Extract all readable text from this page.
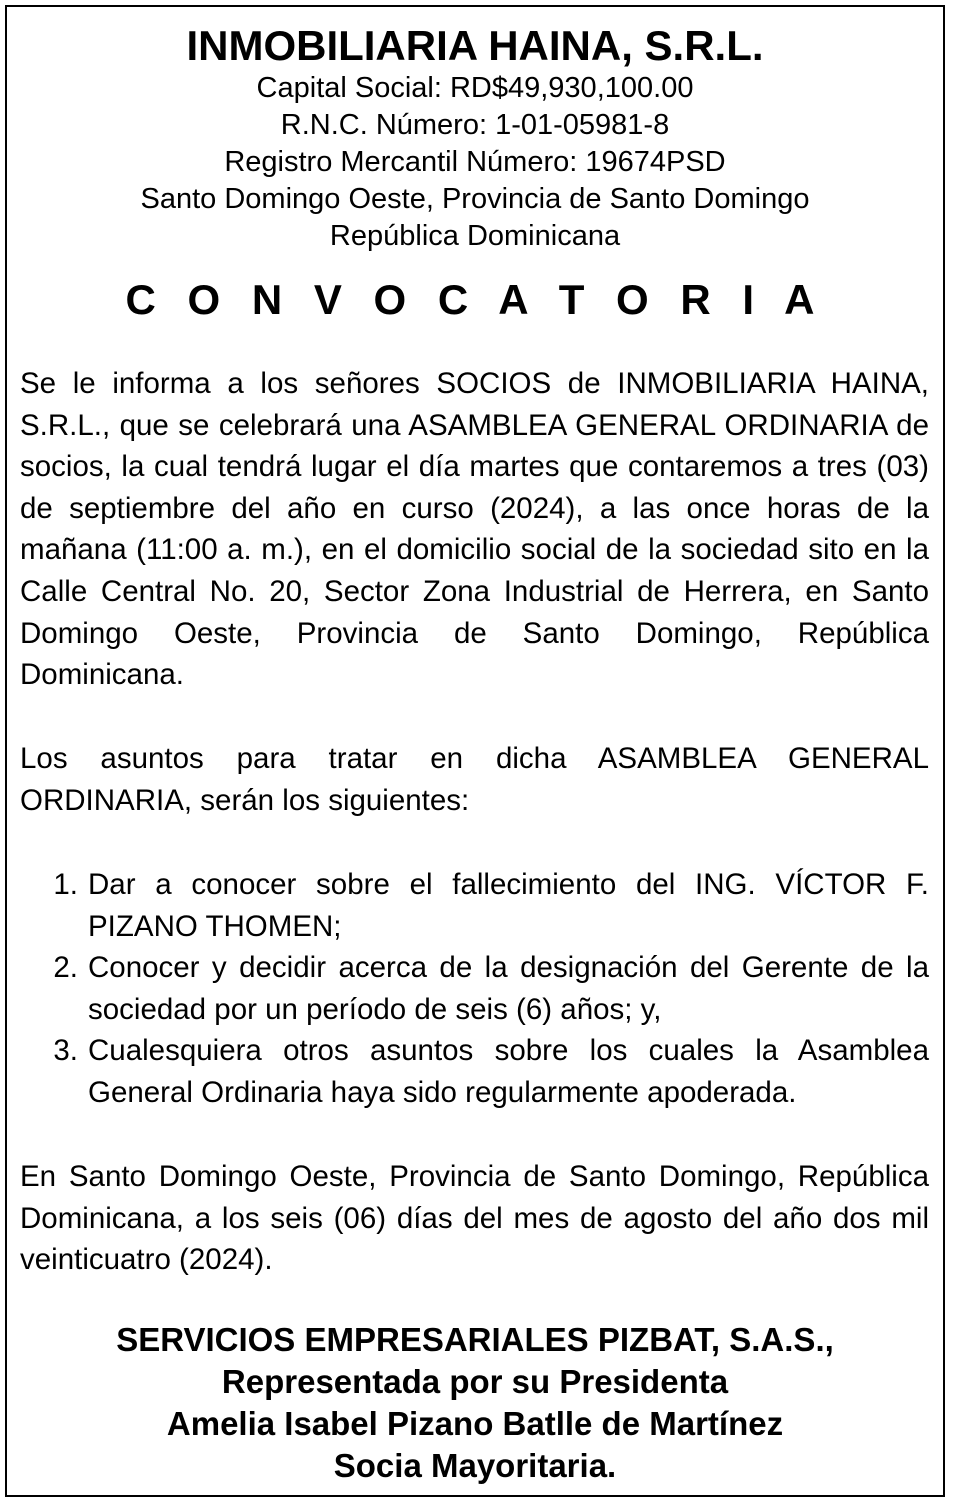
INMOBILIARIA HAINA, S.R.L.
Capital Social: RD$49,930,100.00
R.N.C. Número: 1-01-05981-8
Registro Mercantil Número: 19674PSD
Santo Domingo Oeste, Provincia de Santo Domingo
República Dominicana
C O N V O C A T O R I A

Se le informa a los señores SOCIOS de INMOBILIARIA HAINA, S.R.L., que se celebrará una ASAMBLEA GENERAL ORDINARIA de socios, la cual tendrá lugar el día martes que contaremos a tres (03) de septiembre del año en curso (2024), a las once horas de la mañana (11:00 a. m.), en el domicilio social de la sociedad sito en la Calle Central No. 20, Sector Zona Industrial de Herrera, en Santo Domingo Oeste, Provincia de Santo Domingo, República Dominicana.

Los asuntos para tratar en dicha ASAMBLEA GENERAL ORDINARIA, serán los siguientes:

1. Dar a conocer sobre el fallecimiento del ING. VÍCTOR F. PIZANO THOMEN;
2. Conocer y decidir acerca de la designación del Gerente de la sociedad por un período de seis (6) años; y,
3. Cualesquiera otros asuntos sobre los cuales la Asamblea General Ordinaria haya sido regularmente apoderada.

En Santo Domingo Oeste, Provincia de Santo Domingo, República Dominicana, a los seis (06) días del mes de agosto del año dos mil veinticuatro (2024).

SERVICIOS EMPRESARIALES PIZBAT, S.A.S.,
Representada por su Presidenta
Amelia Isabel Pizano Batlle de Martínez
Socia Mayoritaria.
